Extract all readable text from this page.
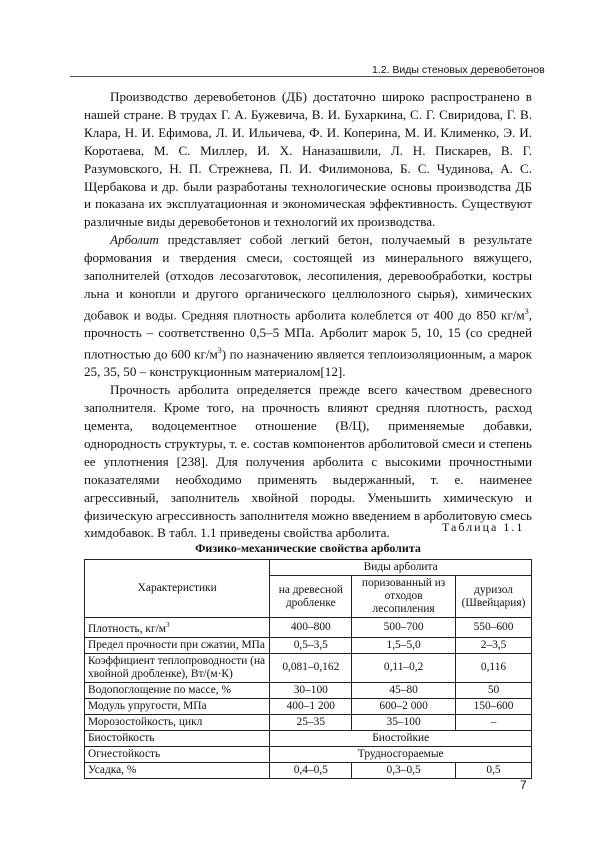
1.2. Виды стеновых деревобетонов

Производство деревобетонов (ДБ) достаточно широко распространено в нашей стране. В трудах Г. А. Бужевича, В. И. Бухаркина, С. Г. Свиридова, Г. В. Клара, Н. И. Ефимова, Л. И. Ильичева, Ф. И. Коперина, М. И. Клименко, Э. И. Коротаева, М. С. Миллер, И. Х. Наназашвили, Л. Н. Пискарев, В. Г. Разумовского, Н. П. Стрежнева, П. И. Филимонова, Б. С. Чудинова, А. С. Щербакова и др. были разработаны технологические основы производства ДБ и показана их эксплуатационная и экономическая эффективность. Существуют различные виды деревобетонов и технологий их производства.

Арболит представляет собой легкий бетон, получаемый в результате формования и твердения смеси, состоящей из минерального вяжущего, заполнителей (отходов лесозаготовок, лесопиления, деревообработки, костры льна и конопли и другого органического целлюлозного сырья), химических добавок и воды. Средняя плотность арболита колеблется от 400 до 850 $кг/м^3$, прочность – соответственно 0,5–5 МПа. Арболит марок 5, 10, 15 (со средней плотностью до 600 $кг/м^3$) по назначению является теплоизоляционным, а марок 25, 35, 50 – конструкционным материалом[12].

Прочность арболита определяется прежде всего качеством древесного заполнителя. Кроме того, на прочность влияют средняя плотность, расход цемента, водоцементное отношение (В/Ц), применяемые добавки, однородность структуры, т. е. состав компонентов арболитовой смеси и степень ее уплотнения [238]. Для получения арболита с высокими прочностными показателями необходимо применять выдержанный, т. е. наименее агрессивный, заполнитель хвойной породы. Уменьшить химическую и физическую агрессивность заполнителя можно введением в арболитовую смесь химдобавок. В табл. 1.1 приведены свойства арболита.	Таблица 1.1
Физико-механические свойства арболита
Характеристики	Виды арболита		
	на древесной дробленке	поризованный из отходов лесопиления	дуризол (Швейцария)
Плотность, $кг/м^3$	400–800	500–700	550–600
Предел прочности при сжатии, МПа	0,5–3,5	1,5–5,0	2–3,5
Коэффициент теплопроводности (на хвойной дробленке), Вт/(м·К)	0,081–0,162	0,11–0,2	0,116
Водопоглощение по массе, %	30–100	45–80	50
Модуль упругости, МПа	400–1 200	600–2 000	150–600
Морозостойкость, цикл	25–35	35–100	–
Биостойкость	Биостойкие		
Огнестойкость	Трудносгораемые		
Усадка, %	0,4–0,5	0,3–0,5	0,5
7
